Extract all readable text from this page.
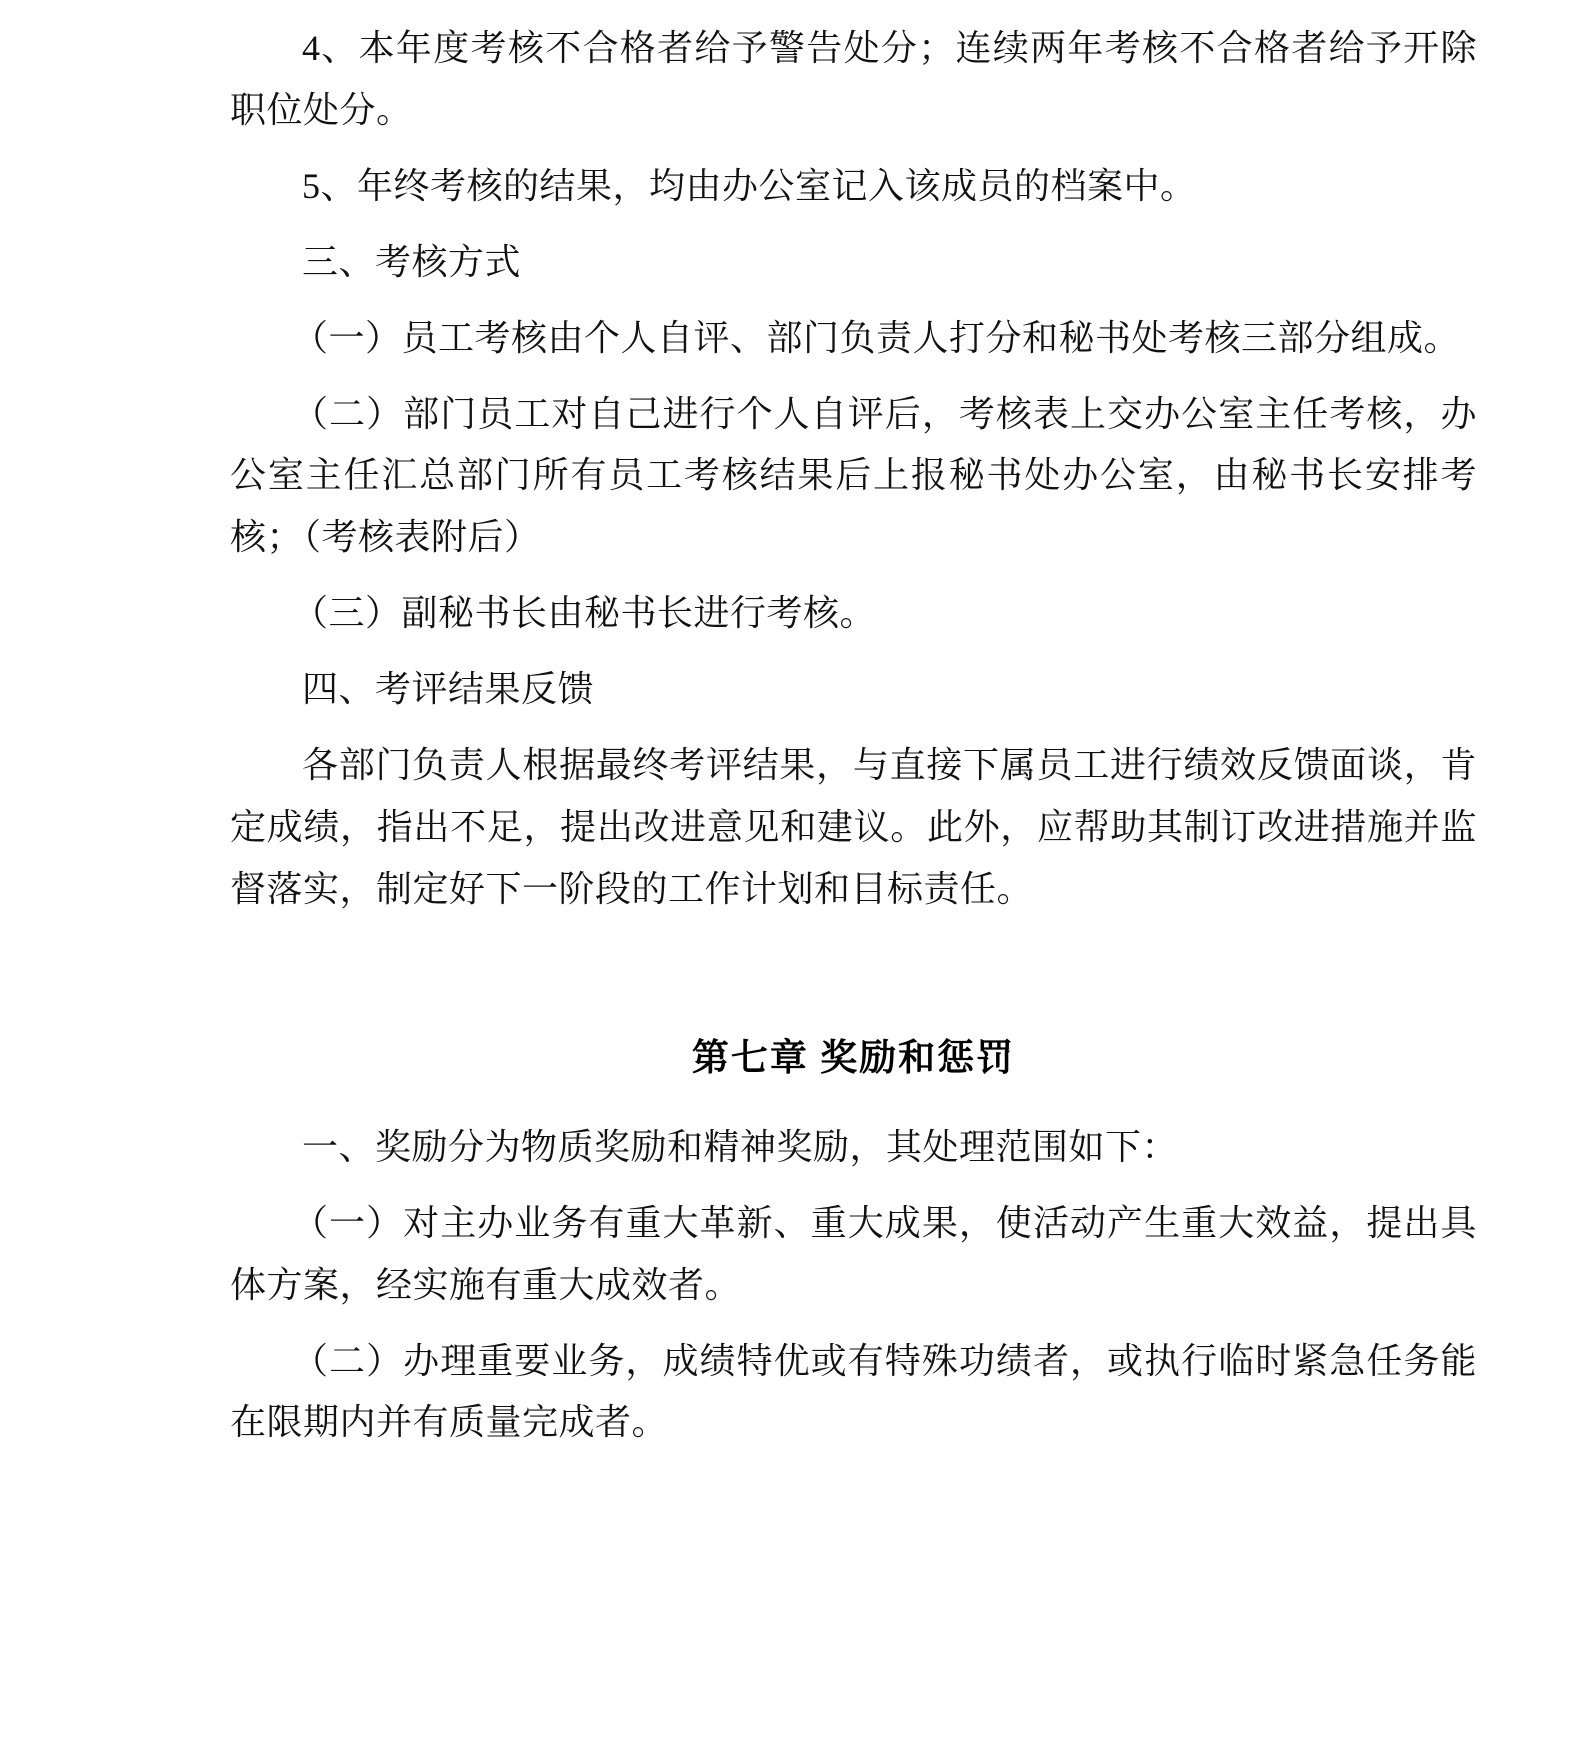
4、本年度考核不合格者给予警告处分；连续两年考核不合格者给予开除职位处分。

5、年终考核的结果，均由办公室记入该成员的档案中。

三、考核方式

（一）员工考核由个人自评、部门负责人打分和秘书处考核三部分组成。

（二）部门员工对自己进行个人自评后，考核表上交办公室主任考核，办公室主任汇总部门所有员工考核结果后上报秘书处办公室，由秘书长安排考核；（考核表附后）

（三）副秘书长由秘书长进行考核。

四、考评结果反馈

各部门负责人根据最终考评结果，与直接下属员工进行绩效反馈面谈，肯定成绩，指出不足，提出改进意见和建议。此外，应帮助其制订改进措施并监督落实，制定好下一阶段的工作计划和目标责任。

第七章 奖励和惩罚

一、奖励分为物质奖励和精神奖励，其处理范围如下：

（一）对主办业务有重大革新、重大成果，使活动产生重大效益，提出具体方案，经实施有重大成效者。

（二）办理重要业务，成绩特优或有特殊功绩者，或执行临时紧急任务能在限期内并有质量完成者。
